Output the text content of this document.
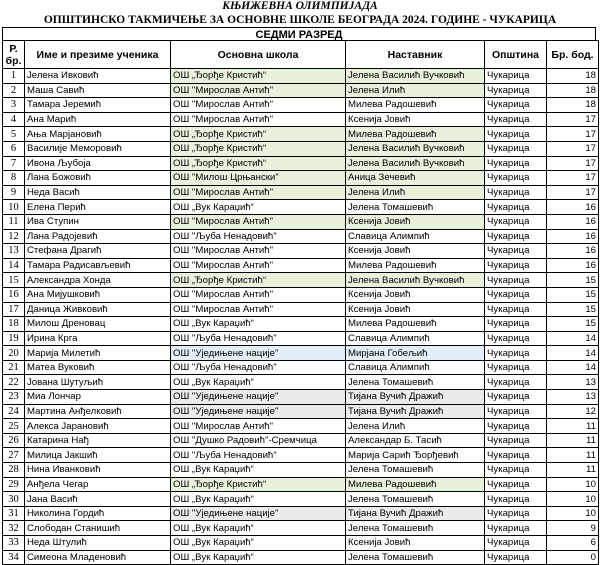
КЊИЖЕВНА ОЛИМПИЈАДА
ОПШТИНСКО ТАКМИЧЕЊЕ ЗА ОСНОВНЕ ШКОЛЕ БЕОГРАДА 2024. ГОДИНЕ - ЧУКАРИЦА
СЕДМИ РАЗРЕД
Р. бр.	Име и презиме ученика	Основна школа	Наставник	Општина	Бр. бод.
1	Јелена Ивковић	ОШ „Ђорђе Кристић“	Јелена Василић Вучковић	Чукарица	18
2	Маша Савић	ОШ "Мирослав Антић"	Јелена Илић	Чукарица	18
3	Тамара Јеремић	ОШ "Мирослав Антић"	Милева Радошевић	Чукарица	18
4	Ана Марић	ОШ "Мирослав Антић"	Ксенија Јовић	Чукарица	17
5	Ања Марјановић	ОШ „Ђорђе Кристић“	Милева Радошевић	Чукарица	17
6	Василије Меморовић	ОШ „Ђорђе Кристић“	Јелена Василић Вучковић	Чукарица	17
7	Ивона Љубоја	ОШ „Ђорђе Кристић“	Јелена Василић Вучковић	Чукарица	17
8	Лана Божовић	ОШ "Милош Црњански"	Аница Зечевић	Чукарица	17
9	Неда Васић	ОШ "Мирослав Антић"	Јелена Илић	Чукарица	17
10	Елена Перић	ОШ „Вук Караџић“	Јелена Томашевић	Чукарица	16
11	Ива Ступин	ОШ "Мирослав Антић"	Ксенија Јовић	Чукарица	16
12	Лана Радојевић	ОШ "Љуба Ненадовић"	Славица Алимпић	Чукарица	16
13	Стефана Драгић	ОШ "Мирослав Антић"	Ксенија Јовић	Чукарица	16
14	Тамара Радисављевић	ОШ "Мирослав Антић"	Милева Радошевић	Чукарица	16
15	Александра Хонда	ОШ „Ђорђе Кристић“	Јелена Василић Вучковић	Чукарица	15
16	Ана Мијушковић	ОШ "Мирослав Антић"	Ксенија Јовић	Чукарица	15
17	Даница Живковић	ОШ "Мирослав Антић"	Ксенија Јовић	Чукарица	15
18	Милош Дреновац	ОШ „Вук Караџић“	Милева Радошевић	Чукарица	15
19	Ирина Крга	ОШ "Љуба Ненадовић"	Славица Алимпић	Чукарица	14
20	Марија Милетић	ОШ "Уједињене нације"	Мирјана Гобељић	Чукарица	14
21	Матеа Вуковић	ОШ "Љуба Ненадовић"	Славица Алимпић	Чукарица	14
22	Јована Шутуљић	ОШ „Вук Караџић“	Јелена Томашевић	Чукарица	13
23	Миа Лончар	ОШ "Уједињене нације"	Тијана Вучић Дражић	Чукарица	13
24	Мартина Анђелковић	ОШ "Уједињене нације"	Тијана Вучић Дражић	Чукарица	12
25	Алекса Јарановић	ОШ "Мирослав Антић"	Јелена Илић	Чукарица	11
26	Катарина Нађ	ОШ "Душко Радовић"-Сремчица	Александар Б. Тасић	Чукарица	11
27	Милица Јакшић	ОШ "Љуба Ненадовић"	Марија Сарић Ђорђевић	Чукарица	11
28	Нина Иванковић	ОШ „Вук Караџић“	Јелена Томашевић	Чукарица	11
29	Анђела Чегар	ОШ „Ђорђе Кристић“	Милева Радошевић	Чукарица	10
30	Јана Васић	ОШ „Вук Караџић“	Јелена Томашевић	Чукарица	10
31	Николина Гордић	ОШ "Уједињене нације"	Тијана Вучић Дражић	Чукарица	10
32	Слободан Станишић	ОШ „Вук Караџић“	Јелена Томашевић	Чукарица	9
33	Неда Штулић	ОШ „Вук Караџић“	Ксенија Јовић	Чукарица	6
34	Симеона Младеновић	ОШ „Вук Караџић“	Јелена Томашевић	Чукарица	0
